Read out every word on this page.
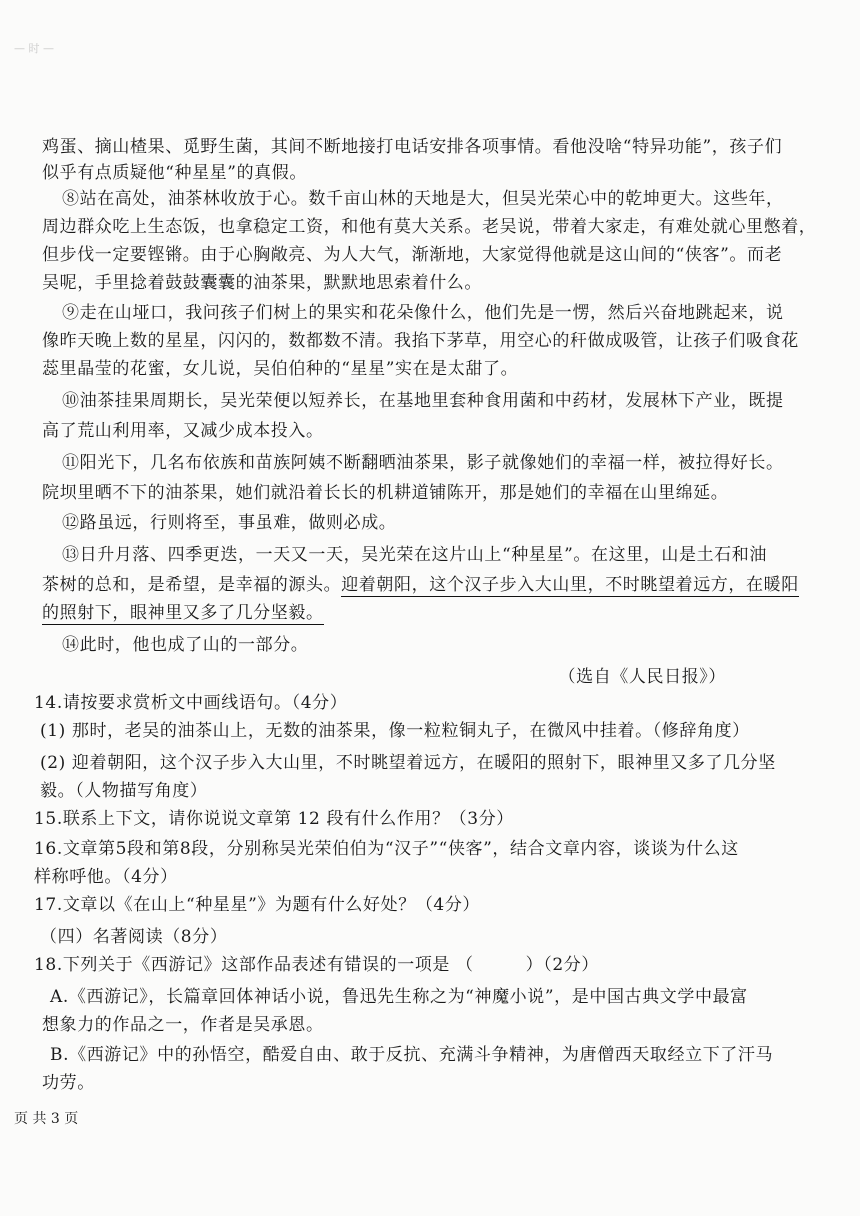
— 时 —
鸡蛋、摘山楂果、觅野生菌，其间不断地接打电话安排各项事情。看他没啥“特异功能”，孩子们
似乎有点质疑他“种星星”的真假。
⑧站在高处，油茶林收放于心。数千亩山林的天地是大，但吴光荣心中的乾坤更大。这些年，
周边群众吃上生态饭，也拿稳定工资，和他有莫大关系。老吴说，带着大家走，有难处就心里憋着，
但步伐一定要铿锵。由于心胸敞亮、为人大气，渐渐地，大家觉得他就是这山间的“侠客”。而老
吴呢，手里捻着鼓鼓囊囊的油茶果，默默地思索着什么。
⑨走在山垭口，我问孩子们树上的果实和花朵像什么，他们先是一愣，然后兴奋地跳起来，说
像昨天晚上数的星星，闪闪的，数都数不清。我掐下茅草，用空心的秆做成吸管，让孩子们吸食花
蕊里晶莹的花蜜，女儿说，吴伯伯种的“星星”实在是太甜了。
⑩油茶挂果周期长，吴光荣便以短养长，在基地里套种食用菌和中药材，发展林下产业，既提
高了荒山利用率，又减少成本投入。
⑪阳光下，几名布依族和苗族阿姨不断翻晒油茶果，影子就像她们的幸福一样，被拉得好长。
院坝里晒不下的油茶果，她们就沿着长长的机耕道铺陈开，那是她们的幸福在山里绵延。
⑫路虽远，行则将至，事虽难，做则必成。
⑬日升月落、四季更迭，一天又一天，吴光荣在这片山上“种星星”。在这里，山是土石和油
茶树的总和，是希望，是幸福的源头。迎着朝阳，这个汉子步入大山里，不时眺望着远方，在暖阳
的照射下，眼神里又多了几分坚毅。
⑭此时，他也成了山的一部分。
（选自《人民日报》）
14.请按要求赏析文中画线语句。（4分）
(1) 那时，老吴的油茶山上，无数的油茶果，像一粒粒铜丸子，在微风中挂着。（修辞角度）
(2) 迎着朝阳，这个汉子步入大山里，不时眺望着远方，在暖阳的照射下，眼神里又多了几分坚
毅。（人物描写角度）
15.联系上下文，请你说说文章第 12 段有什么作用？（3分）
16.文章第5段和第8段，分别称吴光荣伯伯为“汉子”“侠客”，结合文章内容，谈谈为什么这
样称呼他。（4分）
17.文章以《在山上“种星星”》为题有什么好处？（4分）
（四）名著阅读（8分）
18.下列关于《西游记》这部作品表述有错误的一项是 （	）（2分）
A.《西游记》，长篇章回体神话小说，鲁迅先生称之为“神魔小说”，是中国古典文学中最富
想象力的作品之一，作者是吴承恩。
B.《西游记》中的孙悟空，酷爱自由、敢于反抗、充满斗争精神，为唐僧西天取经立下了汗马
功劳。
页 共 3 页
